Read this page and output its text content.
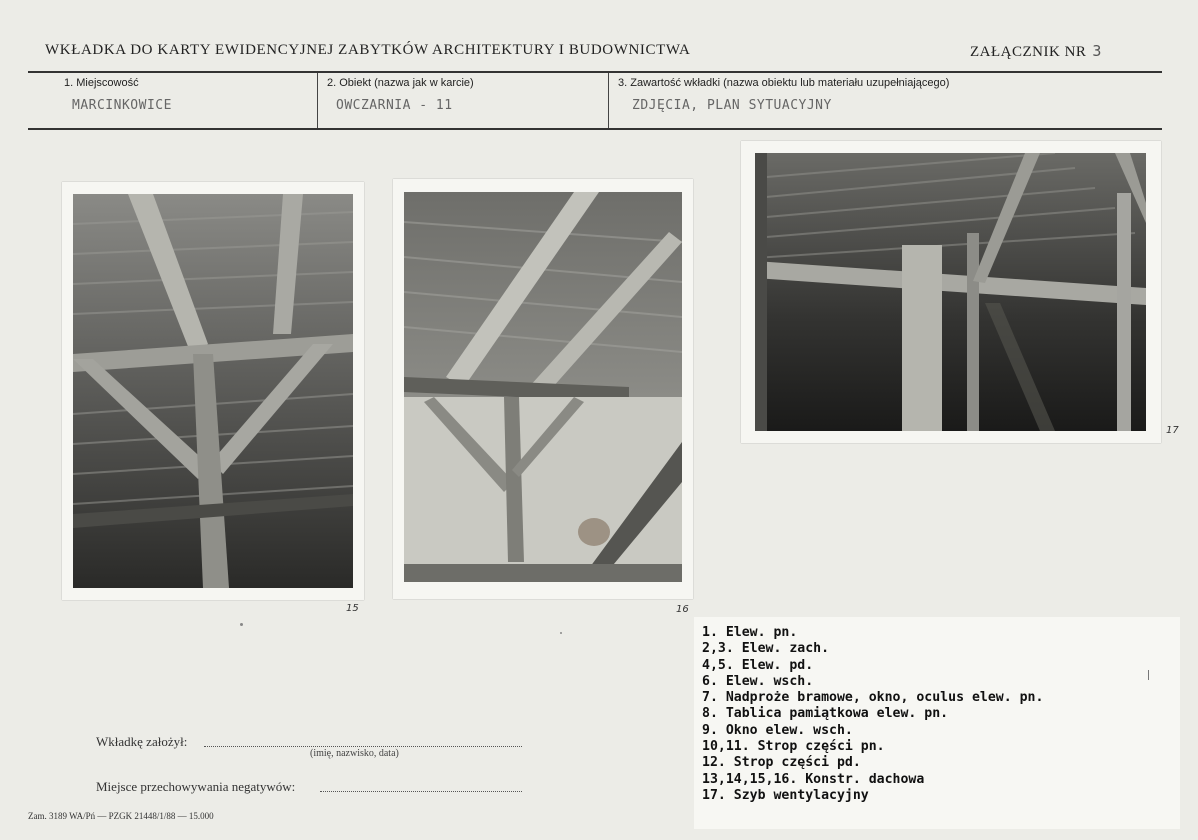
WKŁADKA DO KARTY EWIDENCYJNEJ ZABYTKÓW ARCHITEKTURY I BUDOWNICTWA	ZAŁĄCZNIK NR 3
1. Miejscowość
MARCINKOWICE
2. Obiekt (nazwa jak w karcie)
OWCZARNIA - 11
3. Zawartość wkładki (nazwa obiektu lub materiału uzupełniającego)
ZDJĘCIA, PLAN SYTUACYJNY
15	16
17
1. Elew. pn.
2,3. Elew. zach.
4,5. Elew. pd.
6. Elew. wsch.
7. Nadproże bramowe, okno, oculus elew. pn.
8. Tablica pamiątkowa elew. pn.
9. Okno elew. wsch.
10,11. Strop części pn.
12. Strop części pd.
13,14,15,16. Konstr. dachowa
17. Szyb wentylacyjny
Wkładkę założył:
(imię, nazwisko, data)
Miejsce przechowywania negatywów:
Zam. 3189 WA/Pń — PZGK 21448/1/88 — 15.000
